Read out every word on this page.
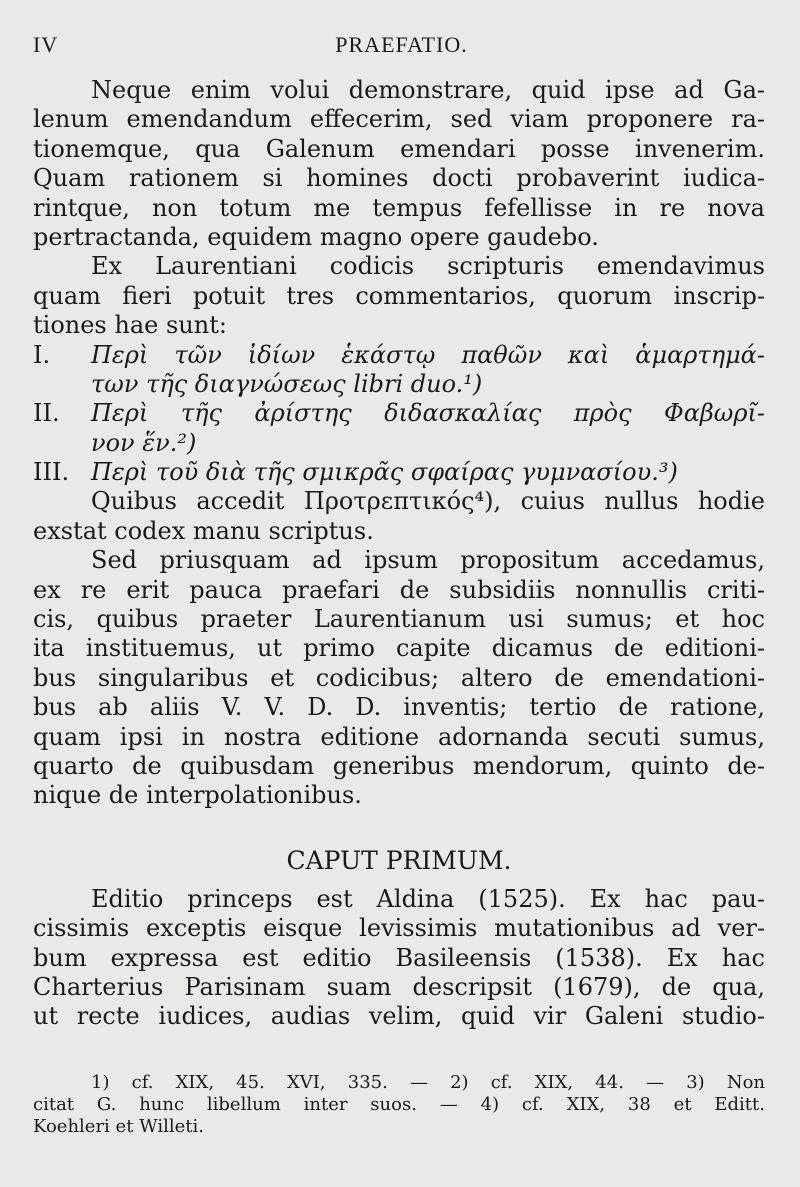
IV	PRAEFATIO.
Neque enim volui demonstrare, quid ipse ad Ga-
lenum emendandum effecerim, sed viam proponere ra-
tionemque, qua Galenum emendari posse invenerim.
Quam rationem si homines docti probaverint iudica-
rintque, non totum me tempus fefellisse in re nova
pertractanda, equidem magno opere gaudebo.
Ex Laurentiani codicis scripturis emendavimus
quam fieri potuit tres commentarios, quorum inscrip-
tiones hae sunt:
I. Περὶ τῶν ἰδίων ἑκάστῳ παθῶν καὶ ἁμαρτημά-
των τῆς διαγνώσεως libri duo.¹)
II. Περὶ τῆς ἀρίστης διδασκαλίας πρὸς Φαβωρῖ-
νον ἕν.²)
III. Περὶ τοῦ διὰ τῆς σμικρᾶς σφαίρας γυμνασίου.³)
Quibus accedit Προτρεπτικός⁴), cuius nullus hodie
exstat codex manu scriptus.
Sed priusquam ad ipsum propositum accedamus,
ex re erit pauca praefari de subsidiis nonnullis criti-
cis, quibus praeter Laurentianum usi sumus; et hoc
ita instituemus, ut primo capite dicamus de editioni-
bus singularibus et codicibus; altero de emendationi-
bus ab aliis V. V. D. D. inventis; tertio de ratione,
quam ipsi in nostra editione adornanda secuti sumus,
quarto de quibusdam generibus mendorum, quinto de-
nique de interpolationibus.
CAPUT PRIMUM.
Editio princeps est Aldina (1525). Ex hac pau-
cissimis exceptis eisque levissimis mutationibus ad ver-
bum expressa est editio Basileensis (1538). Ex hac
Charterius Parisinam suam descripsit (1679), de qua,
ut recte iudices, audias velim, quid vir Galeni studio-
1) cf. XIX, 45. XVI, 335. — 2) cf. XIX, 44. — 3) Non
citat G. hunc libellum inter suos. — 4) cf. XIX, 38 et Editt.
Koehleri et Willeti.
